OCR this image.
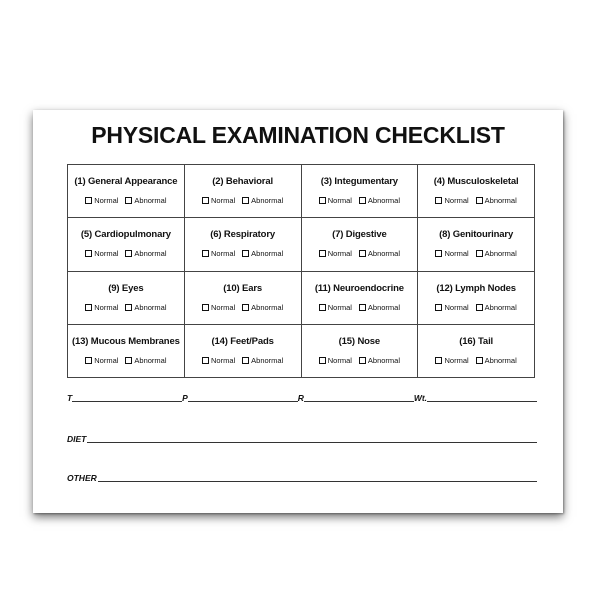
PHYSICAL EXAMINATION CHECKLIST
(1) General Appearance
Normal Abnormal
(2) Behavioral
Normal Abnormal
(3) Integumentary
Normal Abnormal
(4) Musculoskeletal
Normal Abnormal
(5) Cardiopulmonary
Normal Abnormal
(6) Respiratory
Normal Abnormal
(7) Digestive
Normal Abnormal
(8) Genitourinary
Normal Abnormal
(9) Eyes
Normal Abnormal
(10) Ears
Normal Abnormal
(11) Neuroendocrine
Normal Abnormal
(12) Lymph Nodes
Normal Abnormal
(13) Mucous Membranes
Normal Abnormal
(14) Feet/Pads
Normal Abnormal
(15) Nose
Normal Abnormal
(16) Tail
Normal Abnormal
T	P	R	Wt.
DIET
OTHER
